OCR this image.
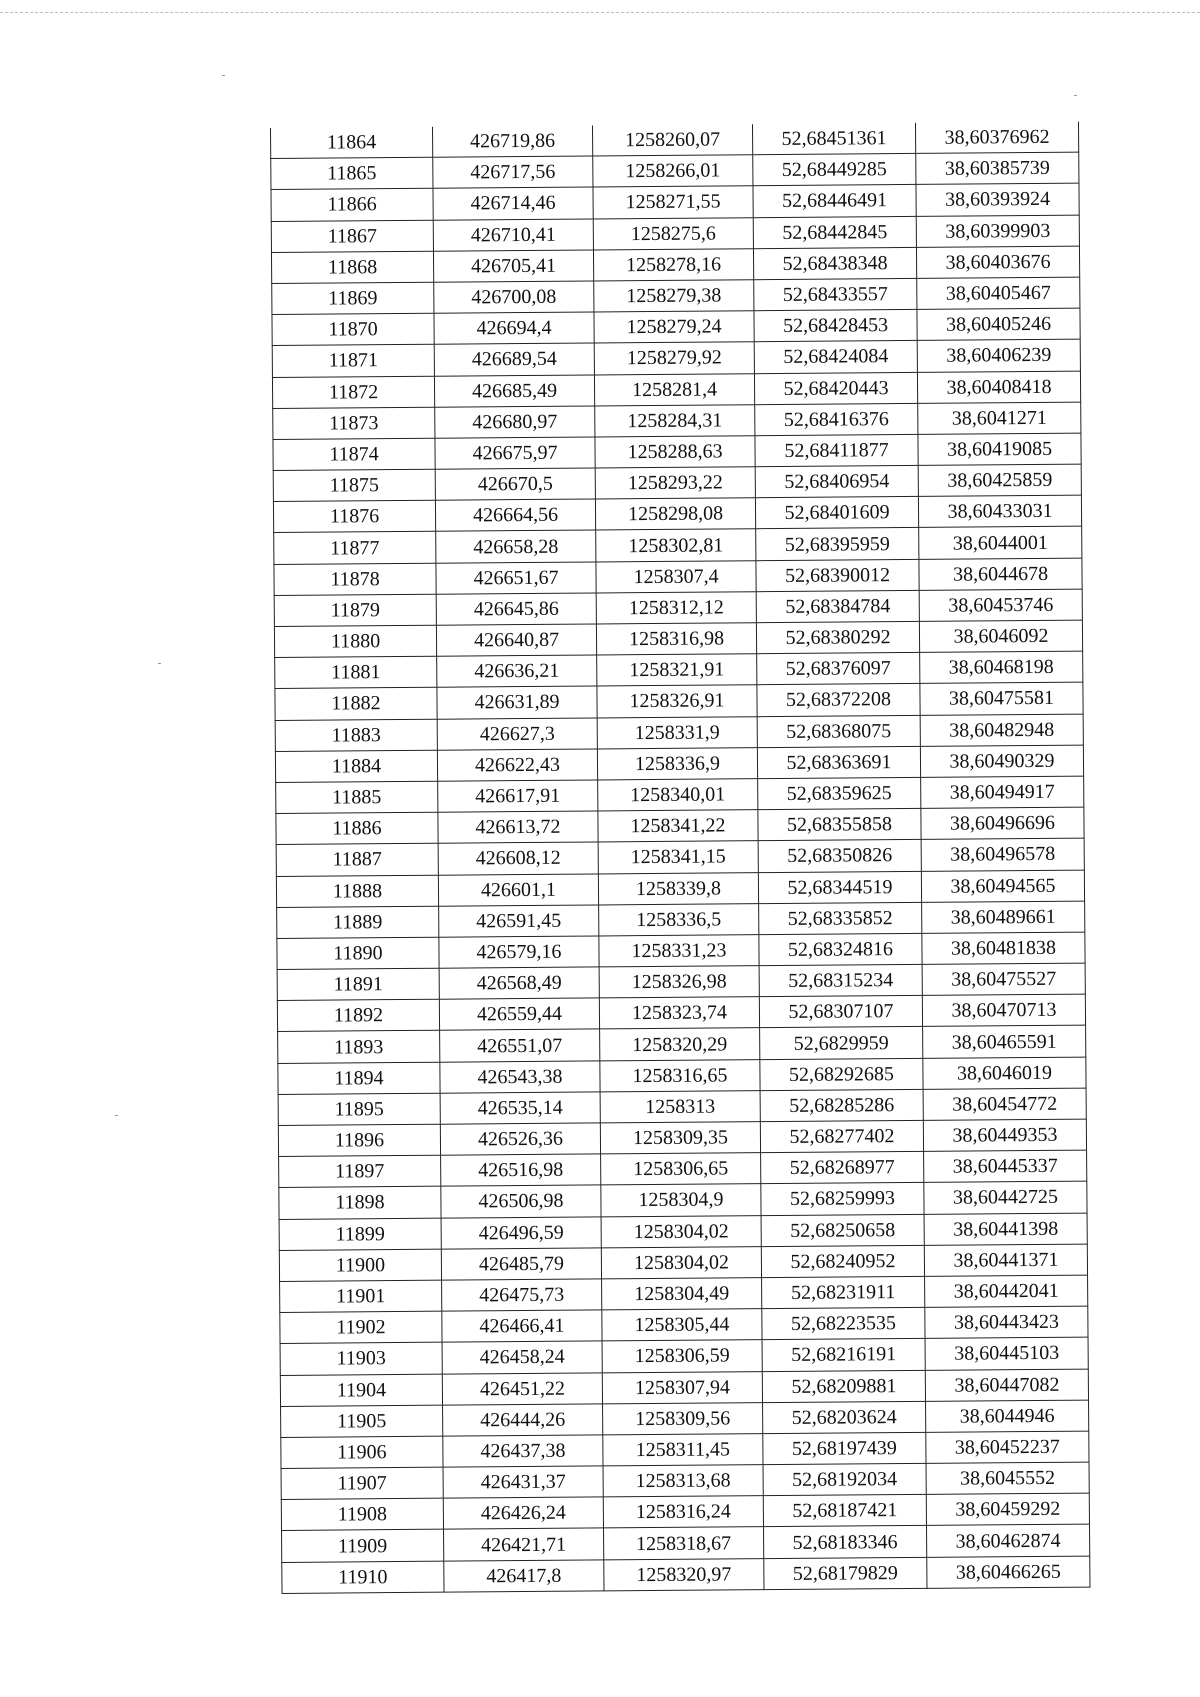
11864	426719,86	1258260,07	52,68451361	38,60376962
11865	426717,56	1258266,01	52,68449285	38,60385739
11866	426714,46	1258271,55	52,68446491	38,60393924
11867	426710,41	1258275,6	52,68442845	38,60399903
11868	426705,41	1258278,16	52,68438348	38,60403676
11869	426700,08	1258279,38	52,68433557	38,60405467
11870	426694,4	1258279,24	52,68428453	38,60405246
11871	426689,54	1258279,92	52,68424084	38,60406239
11872	426685,49	1258281,4	52,68420443	38,60408418
11873	426680,97	1258284,31	52,68416376	38,6041271
11874	426675,97	1258288,63	52,68411877	38,60419085
11875	426670,5	1258293,22	52,68406954	38,60425859
11876	426664,56	1258298,08	52,68401609	38,60433031
11877	426658,28	1258302,81	52,68395959	38,6044001
11878	426651,67	1258307,4	52,68390012	38,6044678
11879	426645,86	1258312,12	52,68384784	38,60453746
11880	426640,87	1258316,98	52,68380292	38,6046092
11881	426636,21	1258321,91	52,68376097	38,60468198
11882	426631,89	1258326,91	52,68372208	38,60475581
11883	426627,3	1258331,9	52,68368075	38,60482948
11884	426622,43	1258336,9	52,68363691	38,60490329
11885	426617,91	1258340,01	52,68359625	38,60494917
11886	426613,72	1258341,22	52,68355858	38,60496696
11887	426608,12	1258341,15	52,68350826	38,60496578
11888	426601,1	1258339,8	52,68344519	38,60494565
11889	426591,45	1258336,5	52,68335852	38,60489661
11890	426579,16	1258331,23	52,68324816	38,60481838
11891	426568,49	1258326,98	52,68315234	38,60475527
11892	426559,44	1258323,74	52,68307107	38,60470713
11893	426551,07	1258320,29	52,6829959	38,60465591
11894	426543,38	1258316,65	52,68292685	38,6046019
11895	426535,14	1258313	52,68285286	38,60454772
11896	426526,36	1258309,35	52,68277402	38,60449353
11897	426516,98	1258306,65	52,68268977	38,60445337
11898	426506,98	1258304,9	52,68259993	38,60442725
11899	426496,59	1258304,02	52,68250658	38,60441398
11900	426485,79	1258304,02	52,68240952	38,60441371
11901	426475,73	1258304,49	52,68231911	38,60442041
11902	426466,41	1258305,44	52,68223535	38,60443423
11903	426458,24	1258306,59	52,68216191	38,60445103
11904	426451,22	1258307,94	52,68209881	38,60447082
11905	426444,26	1258309,56	52,68203624	38,6044946
11906	426437,38	1258311,45	52,68197439	38,60452237
11907	426431,37	1258313,68	52,68192034	38,6045552
11908	426426,24	1258316,24	52,68187421	38,60459292
11909	426421,71	1258318,67	52,68183346	38,60462874
11910	426417,8	1258320,97	52,68179829	38,60466265
